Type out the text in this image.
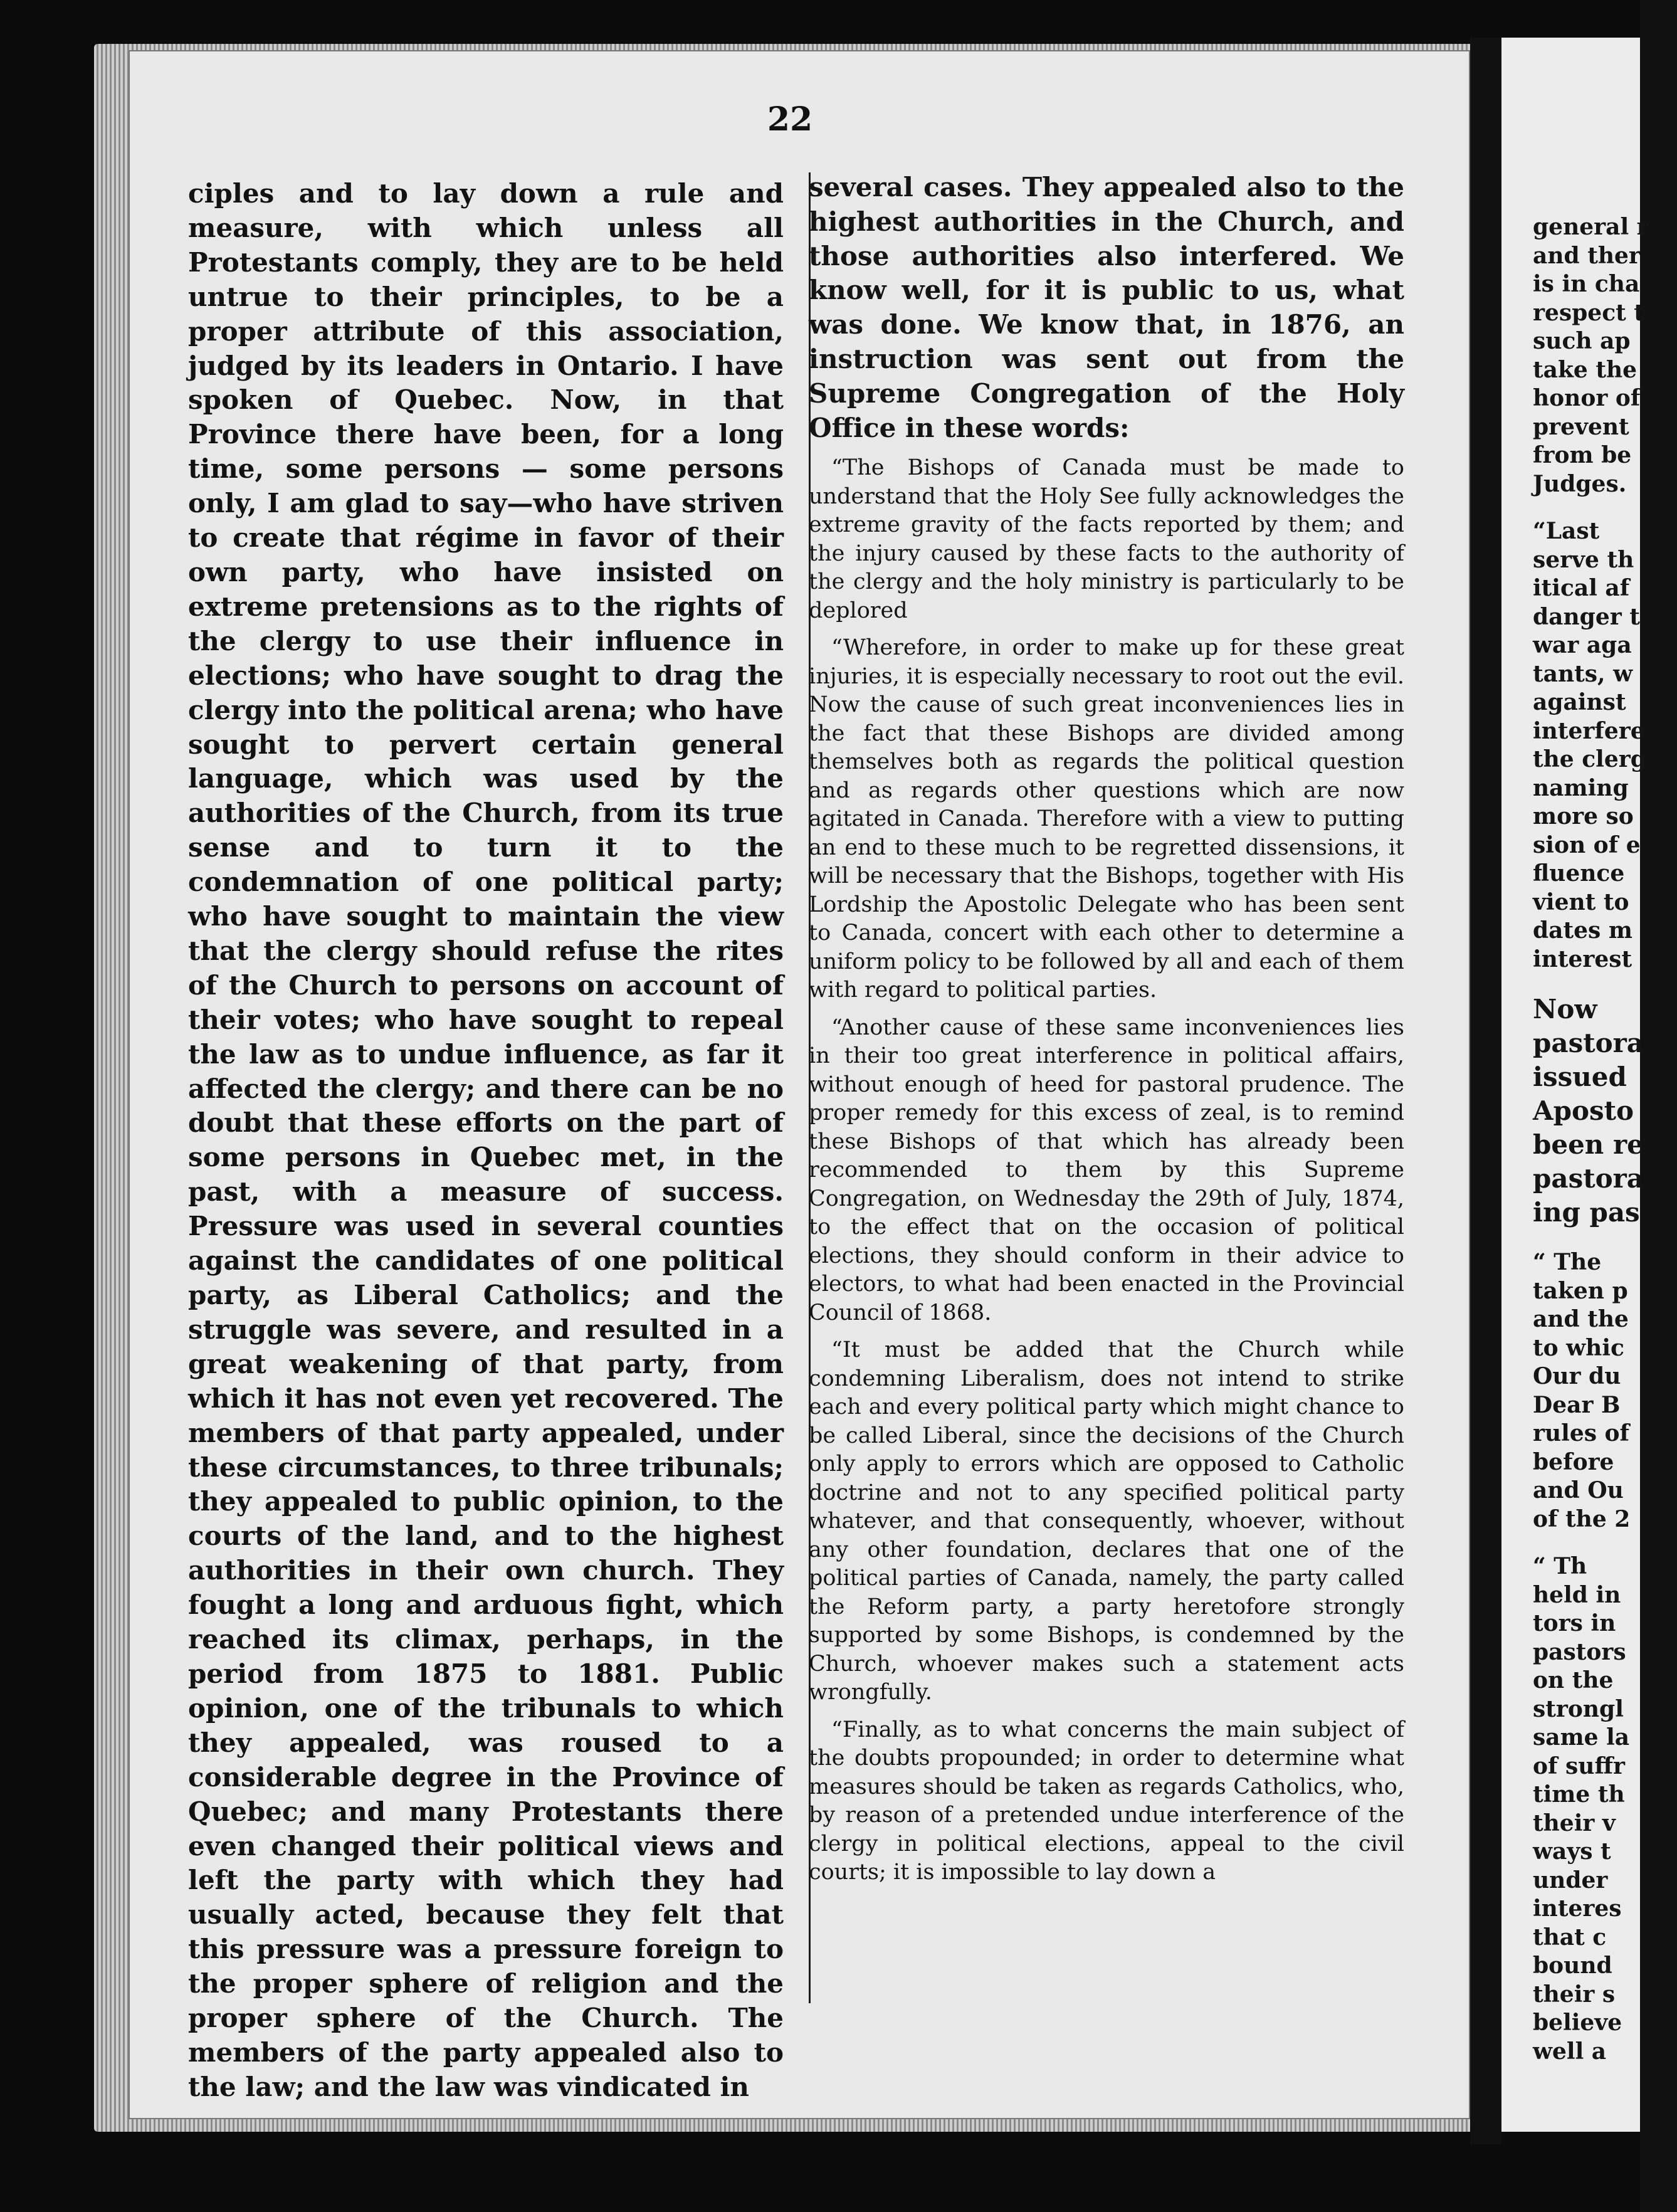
general r
and ther
is in cha
respect t
such ap
take the
honor of
prevent
from be
Judges.
“Last
serve th
itical af
danger t
war aga
tants, w
against
interfere
the clerg
naming
more so
sion of e
fluence
vient to
dates m
interest
Now
pastora
issued
Aposto
been re
pastora
ing pas
“ The
taken p
and the
to whic
Our du
Dear B
rules of
before
and Ou
of the 2
“ Th
held in
tors in
pastors
on the
strongl
same la
of suffr
time th
their v
ways t
under
interes
that c
bound
their s
believe
well a
22
ciples and to lay down a rule and measure, with which unless all Protestants comply, they are to be held untrue to their principles, to be a proper attribute of this association, judged by its leaders in Ontario. I have spoken of Quebec. Now, in that Province there have been, for a long time, some persons — some persons only, I am glad to say—who have striven to create that régime in favor of their own party, who have insisted on extreme pretensions as to the rights of the clergy to use their influence in elections; who have sought to drag the clergy into the political arena; who have sought to pervert certain general language, which was used by the authorities of the Church, from its true sense and to turn it to the condemnation of one political party; who have sought to maintain the view that the clergy should refuse the rites of the Church to persons on account of their votes; who have sought to repeal the law as to undue influence, as far it affected the clergy; and there can be no doubt that these efforts on the part of some persons in Quebec met, in the past, with a measure of success. Pressure was used in several counties against the candidates of one political party, as Liberal Catholics; and the struggle was severe, and resulted in a great weakening of that party, from which it has not even yet recovered. The members of that party appealed, under these circumstances, to three tribunals; they appealed to public opinion, to the courts of the land, and to the highest authorities in their own church. They fought a long and arduous fight, which reached its climax, perhaps, in the period from 1875 to 1881. Public opinion, one of the tribunals to which they appealed, was roused to a considerable degree in the Province of Quebec; and many Protestants there even changed their political views and left the party with which they had usually acted, because they felt that this pressure was a pressure foreign to the proper sphere of religion and the proper sphere of the Church. The members of the party appealed also to the law; and the law was vindicated in
several cases. They appealed also to the highest authorities in the Church, and those authorities also interfered. We know well, for it is public to us, what was done. We know that, in 1876, an instruction was sent out from the Supreme Congregation of the Holy Office in these words:

“The Bishops of Canada must be made to understand that the Holy See fully acknowledges the extreme gravity of the facts reported by them; and the injury caused by these facts to the authority of the clergy and the holy ministry is particularly to be deplored

“Wherefore, in order to make up for these great injuries, it is especially necessary to root out the evil. Now the cause of such great inconveniences lies in the fact that these Bishops are divided among themselves both as regards the political question and as regards other questions which are now agitated in Canada. Therefore with a view to putting an end to these much to be regretted dissensions, it will be necessary that the Bishops, together with His Lordship the Apostolic Delegate who has been sent to Canada, concert with each other to determine a uniform policy to be followed by all and each of them with regard to political parties.

“Another cause of these same inconveniences lies in their too great interference in political affairs, without enough of heed for pastoral prudence. The proper remedy for this excess of zeal, is to remind these Bishops of that which has already been recommended to them by this Supreme Congregation, on Wednesday the 29th of July, 1874, to the effect that on the occasion of political elections, they should conform in their advice to electors, to what had been enacted in the Provincial Council of 1868.

“It must be added that the Church while condemning Liberalism, does not intend to strike each and every political party which might chance to be called Liberal, since the decisions of the Church only apply to errors which are opposed to Catholic doctrine and not to any specified political party whatever, and that consequently, whoever, without any other foundation, declares that one of the political parties of Canada, namely, the party called the Reform party, a party heretofore strongly supported by some Bishops, is condemned by the Church, whoever makes such a statement acts wrongfully.

“Finally, as to what concerns the main subject of the doubts propounded; in order to determine what measures should be taken as regards Catholics, who, by reason of a pretended undue interference of the clergy in political elections, appeal to the civil courts; it is impossible to lay down a
